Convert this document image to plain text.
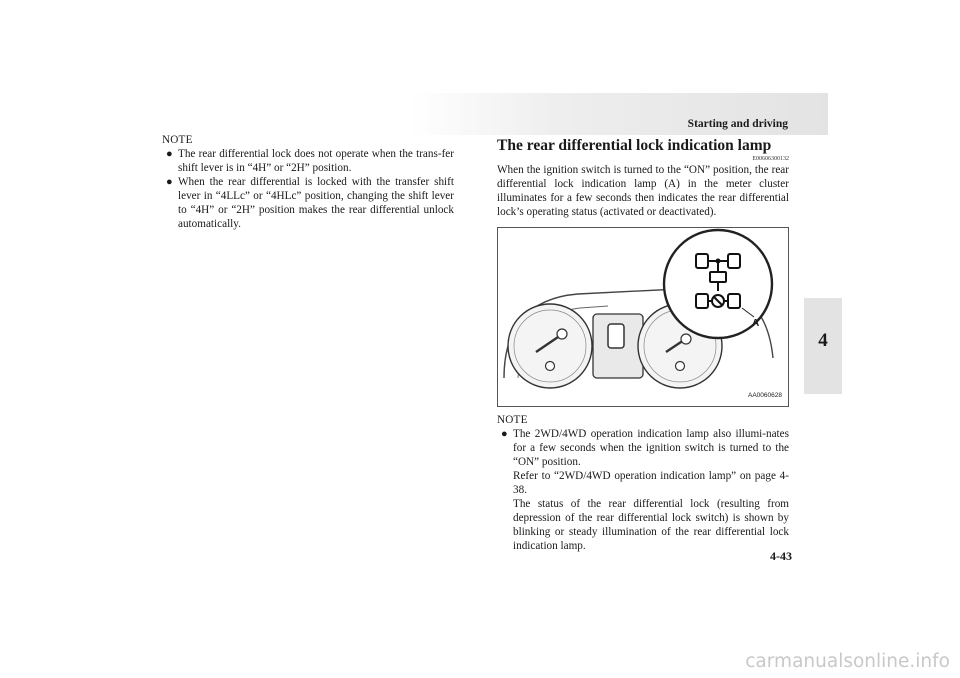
Starting and driving
4
NOTE
● The rear differential lock does not operate when the trans-fer shift lever is in “4H” or “2H” position.
● When the rear differential is locked with the transfer shift lever in “4LLc” or “4HLc” position, changing the shift lever to “4H” or “2H” position makes the rear differential unlock automatically.
The rear differential lock indication lamp
E00606300132
When the ignition switch is turned to the “ON” position, the rear differential lock indication lamp (A) in the meter cluster illuminates for a few seconds then indicates the rear differential lock’s operating status (activated or deactivated).
A
AA0060628
NOTE
● The 2WD/4WD operation indication lamp also illumi-nates for a few seconds when the ignition switch is turned to the “ON” position.
Refer to “2WD/4WD operation indication lamp” on page 4-38.
The status of the rear differential lock (resulting from depression of the rear differential lock switch) is shown by blinking or steady illumination of the rear differential lock indication lamp.
4-43
carmanualsonline.info
